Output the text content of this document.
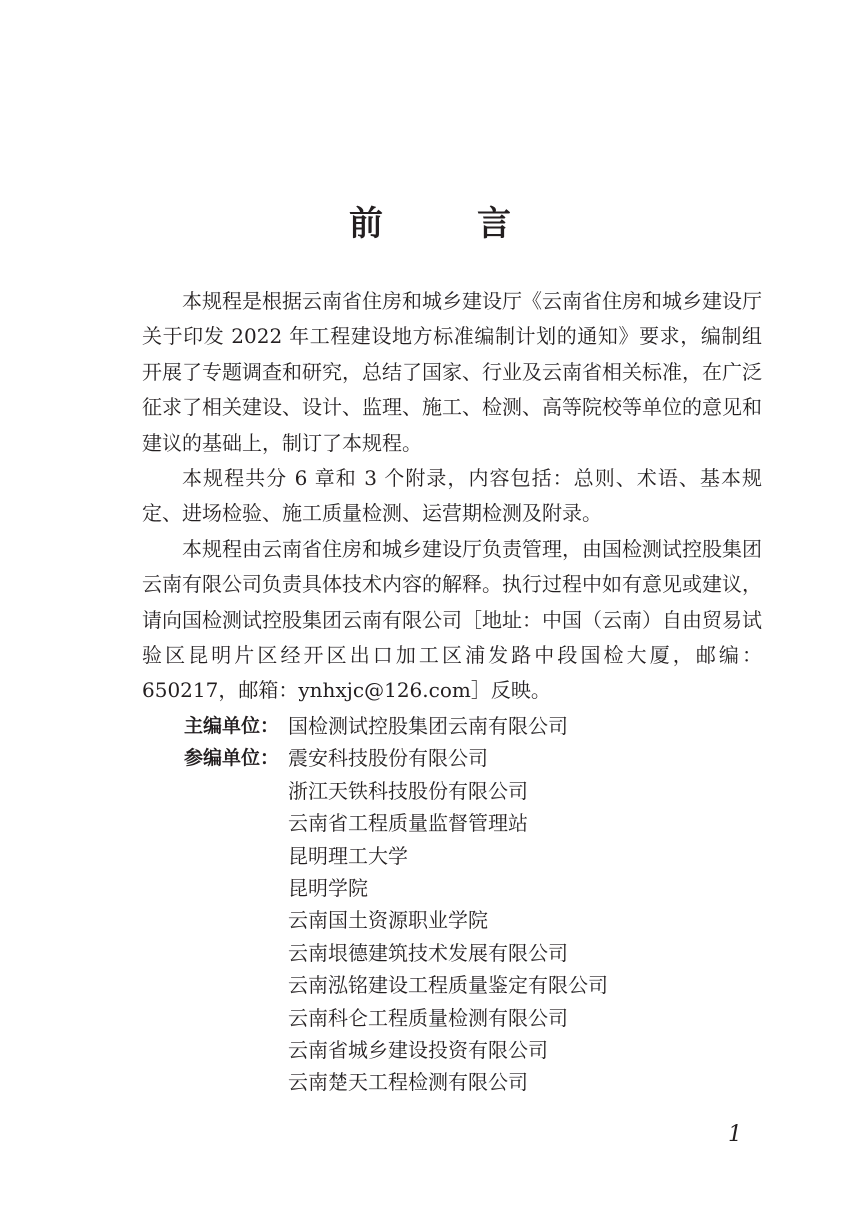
前　言

本规程是根据云南省住房和城乡建设厅《云南省住房和城乡建设厅关于印发 2022 年工程建设地方标准编制计划的通知》要求，编制组开展了专题调查和研究，总结了国家、行业及云南省相关标准，在广泛征求了相关建设、设计、监理、施工、检测、高等院校等单位的意见和建议的基础上，制订了本规程。

本规程共分 6 章和 3 个附录，内容包括：总则、术语、基本规定、进场检验、施工质量检测、运营期检测及附录。

本规程由云南省住房和城乡建设厅负责管理，由国检测试控股集团云南有限公司负责具体技术内容的解释。执行过程中如有意见或建议，请向国检测试控股集团云南有限公司［地址：中国（云南）自由贸易试验区昆明片区经开区出口加工区浦发路中段国检大厦，邮编：650217，邮箱：ynhxjc@126.com］反映。

主编单位： 国检测试控股集团云南有限公司
参编单位： 震安科技股份有限公司
浙江天铁科技股份有限公司
云南省工程质量监督管理站
昆明理工大学
昆明学院
云南国土资源职业学院
云南垠德建筑技术发展有限公司
云南泓铭建设工程质量鉴定有限公司
云南科仑工程质量检测有限公司
云南省城乡建设投资有限公司
云南楚天工程检测有限公司
1
